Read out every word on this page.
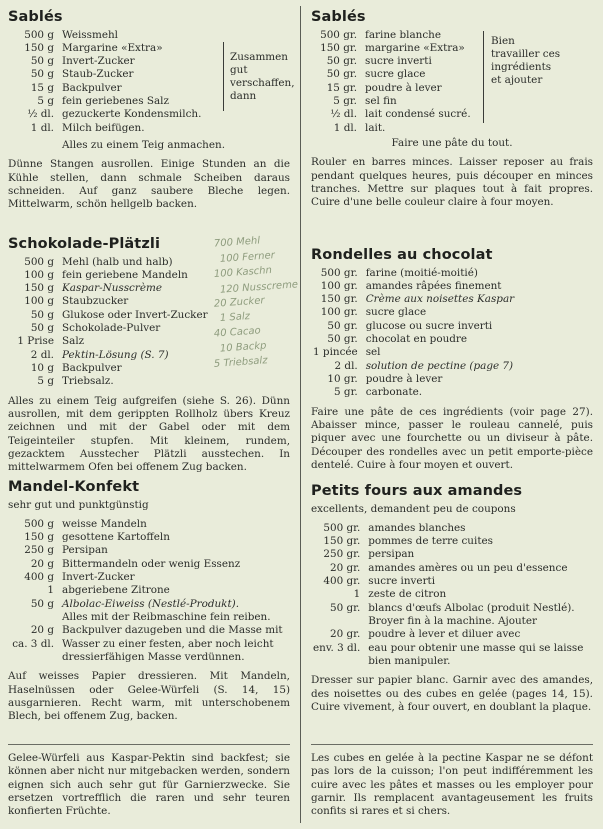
Sablés
500 g	Weissmehl
150 g	Margarine «Extra»
50 g	Invert-Zucker
50 g	Staub-Zucker
15 g	Backpulver
5 g	fein geriebenes Salz
½ dl.	gezuckerte Kondensmilch.
1 dl.	Milch beifügen.
Zusammen gut verschaffen, dann

Alles zu einem Teig anmachen.

Dünne Stangen ausrollen. Einige Stunden an die Kühle stellen, dann schmale Scheiben daraus schneiden. Auf ganz saubere Bleche legen. Mittelwarm, schön hellgelb backen.

Schokolade-Plätzli
500 g	Mehl (halb und halb)
100 g	fein geriebene Mandeln
150 g	Kaspar-Nusscrème
100 g	Staubzucker
50 g	Glukose oder Invert-Zucker
50 g	Schokolade-Pulver
1 Prise	Salz
2 dl.	Pektin-Lösung (S. 7)
10 g	Backpulver
5 g	Triebsalz.

Alles zu einem Teig aufgreifen (siehe S. 26). Dünn ausrollen, mit dem gerippten Rollholz übers Kreuz zeichnen und mit der Gabel oder mit dem Teigeinteiler stupfen. Mit kleinem, rundem, gezacktem Ausstecher Plätzli ausstechen. In mittelwarmem Ofen bei offenem Zug backen.

700 Mehl
100 Ferner
100 Kaschn
120 Nusscreme
20 Zucker
1 Salz
40 Cacao
10 Backp
5 Triebsalz
Mandel-Konfekt

sehr gut und punktgünstig

500 g	weisse Mandeln
150 g	gesottene Kartoffeln
250 g	Persipan
20 g	Bittermandeln oder wenig Essenz
400 g	Invert-Zucker
1	abgeriebene Zitrone
50 g	Albolac-Eiweiss (Nestlé-Produkt).
	Alles mit der Reibmaschine fein reiben.
20 g	Backpulver dazugeben und die Masse mit
ca. 3 dl.	Wasser zu einer festen, aber noch leicht dressierfähigen Masse verdünnen.

Auf weisses Papier dressieren. Mit Mandeln, Haselnüssen oder Gelee-Würfeli (S. 14, 15) ausgarnieren. Recht warm, mit unterschobenem Blech, bei offenem Zug, backen.

Gelee-Würfeli aus Kaspar-Pektin sind backfest; sie können aber nicht nur mitgebacken werden, sondern eignen sich auch sehr gut für Garnierzwecke. Sie ersetzen vortrefflich die raren und sehr teuren konfierten Früchte.

Sablés
500 gr.	farine blanche
150 gr.	margarine «Extra»
50 gr.	sucre inverti
50 gr.	sucre glace
15 gr.	poudre à lever
5 gr.	sel fin
½ dl.	lait condensé sucré.
1 dl.	lait.
Bien travailler ces ingrédients et ajouter

Faire une pâte du tout.

Rouler en barres minces. Laisser reposer au frais pendant quelques heures, puis découper en minces tranches. Mettre sur plaques tout à fait propres. Cuire d'une belle couleur claire à four moyen.

Rondelles au chocolat
500 gr.	farine (moitié-moitié)
100 gr.	amandes râpées finement
150 gr.	Crème aux noisettes Kaspar
100 gr.	sucre glace
50 gr.	glucose ou sucre inverti
50 gr.	chocolat en poudre
1 pincée	sel
2 dl.	solution de pectine (page 7)
10 gr.	poudre à lever
5 gr.	carbonate.

Faire une pâte de ces ingrédients (voir page 27). Abaisser mince, passer le rouleau cannelé, puis piquer avec une fourchette ou un diviseur à pâte. Découper des rondelles avec un petit emporte-pièce dentelé. Cuire à four moyen et ouvert.

Petits fours aux amandes

excellents, demandent peu de coupons

500 gr.	amandes blanches
150 gr.	pommes de terre cuites
250 gr.	persipan
20 gr.	amandes amères ou un peu d'essence
400 gr.	sucre inverti
1	zeste de citron
50 gr.	blancs d'œufs Albolac (produit Nestlé). Broyer fin à la machine. Ajouter
20 gr.	poudre à lever et diluer avec
env. 3 dl.	eau pour obtenir une masse qui se laisse bien manipuler.

Dresser sur papier blanc. Garnir avec des amandes, des noisettes ou des cubes en gelée (pages 14, 15). Cuire vivement, à four ouvert, en doublant la plaque.

Les cubes en gelée à la pectine Kaspar ne se défont pas lors de la cuisson; l'on peut indifféremment les cuire avec les pâtes et masses ou les employer pour garnir. Ils remplacent avantageusement les fruits confits si rares et si chers.
